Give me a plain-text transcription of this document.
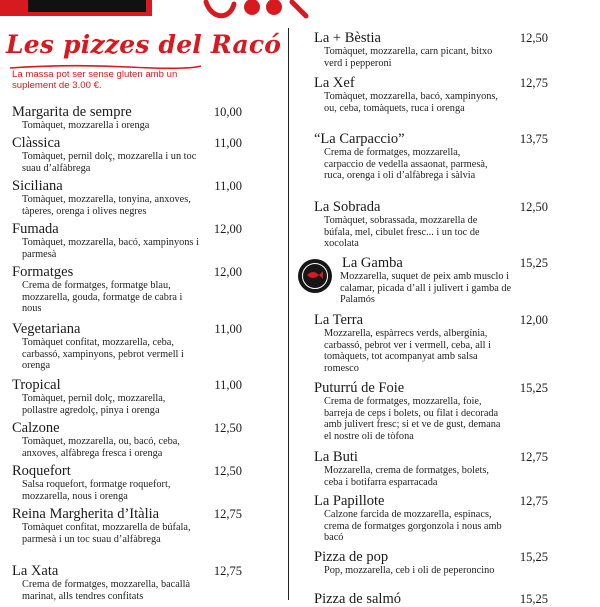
Les pizzes del Racó
La massa pot ser sense gluten amb un suplement de 3.00 €.
Margarita de sempre	10,00
Tomàquet, mozzarella i orenga
Clàssica	11,00
Tomàquet, pernil dolç, mozzarella i un toc suau d’alfàbrega
Siciliana	11,00
Tomàquet, mozzarella, tonyina, anxoves, tàperes, orenga i olives negres
Fumada	12,00
Tomàquet, mozzarella, bacó, xampinyons i parmesà
Formatges	12,00
Crema de formatges, formatge blau, mozzarella, gouda, formatge de cabra i nous
Vegetariana	11,00
Tomàquet confitat, mozzarella, ceba, carbassó, xampinyons, pebrot vermell i orenga
Tropical	11,00
Tomàquet, pernil dolç, mozzarella, pollastre agredolç, pinya i orenga
Calzone	12,50
Tomàquet, mozzarella, ou, bacó, ceba, anxoves, alfàbrega fresca i orenga
Roquefort	12,50
Salsa roquefort, formatge roquefort, mozzarella, nous i orenga
Reina Margherita d’Itàlia	12,75
Tomàquet confitat, mozzarella de búfala, parmesà i un toc suau d’alfàbrega
La Xata	12,75
Crema de formatges, mozzarella, bacallà marinat, alls tendres confitats
La + Bèstia	12,50
Tomàquet, mozzarella, carn picant, bitxo verd i pepperoni
La Xef	12,75
Tomàquet, mozzarella, bacó, xampinyons, ou, ceba, tomàquets, ruca i orenga
“La Carpaccio”	13,75
Crema de formatges, mozzarella, carpaccio de vedella assaonat, parmesà, ruca, orenga i oli d’alfàbrega i sàlvia
La Sobrada	12,50
Tomàquet, sobrassada, mozzarella de búfala, mel, cibulet fresc... i un toc de xocolata
La Gamba	15,25
Mozzarella, suquet de peix amb musclo i calamar, picada d’all i julivert i gamba de Palamós
La Terra	12,00
Mozzarella, espàrrecs verds, albergínia, carbassó, pebrot ver i vermell, ceba, all i tomàquets, tot acompanyat amb salsa romesco
Puturrú de Foie	15,25
Crema de formatges, mozzarella, foie, barreja de ceps i bolets, ou filat i decorada amb julivert fresc; si et ve de gust, demana el nostre oli de tòfona
La Buti	12,75
Mozzarella, crema de formatges, bolets, ceba i botifarra esparracada
La Papillote	12,75
Calzone farcida de mozzarella, espinacs, crema de formatges gorgonzola i nous amb bacó
Pizza de pop	15,25
Pop, mozzarella, ceb i oli de peperoncino
Pizza de salmó	15,25
